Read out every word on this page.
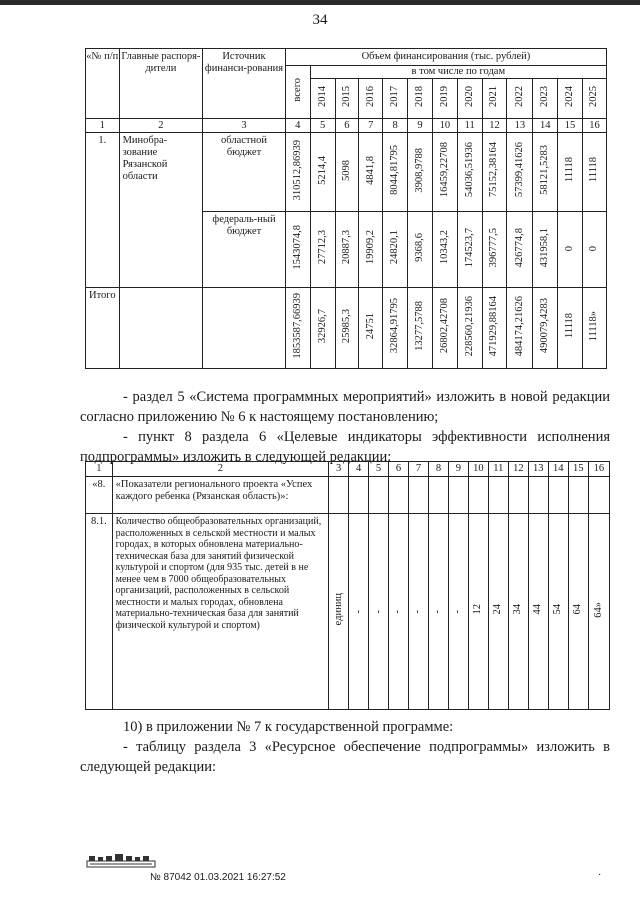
34
«№ п/п	Главные распоря-дители	Источник финанси-рования	Объем финансирования (тыс. рублей)												
			всего	в том числе по годам											
				2014	2015	2016	2017	2018	2019	2020	2021	2022	2023	2024	2025
1	2	3	4	5	6	7	8	9	10	11	12	13	14	15	16
1.	Минобра-зование Рязанской области	областной бюджет	310512,86939	5214,4	5098	4841,8	8044,81795	3908,9788	16459,22708	54036,51936	75152,38164	57399,41626	58121,5283	11118	11118
		федераль-ный бюджет	1543074,8	27712,3	20887,3	19909,2	24820,1	9368,6	10343,2	174523,7	396777,5	426774,8	431958,1	0	0
Итого			1853587,66939	32926,7	25985,3	24751	32864,91795	13277,5788	26802,42708	228560,21936	471929,88164	484174,21626	490079,4283	11118	11118»
- раздел 5 «Система программных мероприятий» изложить в новой редакции согласно приложению № 6 к настоящему постановлению;
- пункт 8 раздела 6 «Целевые индикаторы эффективности исполнения подпрограммы» изложить в следующей редакции:
1	2	3	4	5	6	7	8	9	10	11	12	13	14	15	16
«8.	«Показатели регионального проекта «Успех каждого ребенка (Рязанская область)»:														
8.1.	Количество общеобразовательных организаций, расположенных в сельской местности и малых городах, в которых обновлена материально-техническая база для занятий физической культурой и спортом (для 935 тыс. детей в не менее чем в 7000 общеобразовательных организаций, расположенных в сельской местности и малых городах, обновлена материально-техническая база для занятий физической культурой и спортом)	единиц	-	-	-	-	-	-	12	24	34	44	54	64	64»
10) в приложении № 7 к государственной программе:
- таблицу раздела 3 «Ресурсное обеспечение подпрограммы» изложить в следующей редакции:
№ 87042 01.03.2021 16:27:52	·
